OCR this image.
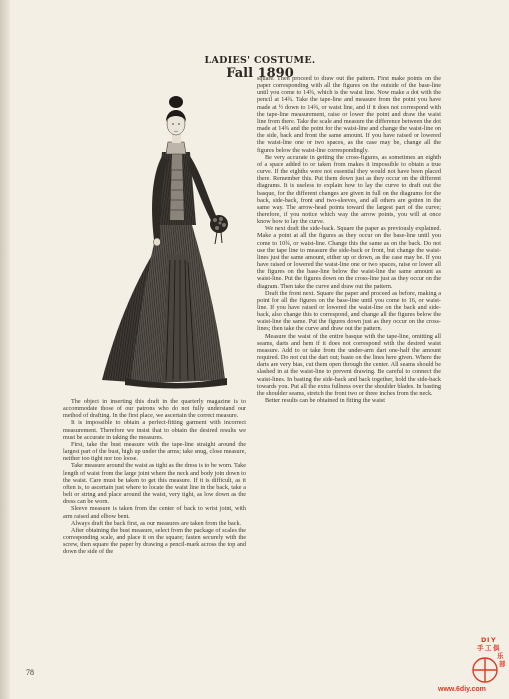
LADIES' COSTUME.
Fall 1890

The object in inserting this draft in the quarterly magazine is to accommodate those of our patrons who do not fully understand our method of drafting. In the first place, we ascertain the correct measure.

It is impossible to obtain a perfect-fitting garment with incorrect measurement. Therefore we insist that to obtain the desired results we must be accurate in taking the measures.

First, take the bust measure with the tape-line straight around the largest part of the bust, high up under the arms; take snug, close measure, neither too tight nor too loose.

Take measure around the waist as tight as the dress is to be worn. Take length of waist from the large joint where the neck and body join down to the waist. Care must be taken to get this measure. If it is difficult, as it often is, to ascertain just where to locate the waist line in the back, take a belt or string and place around the waist, very tight, as low down as the dress can be worn.

Sleeve measure is taken from the center of back to wrist joint, with arm raised and elbow bent.

Always draft the back first, as our measures are taken from the back.

After obtaining the bust measure, select from the package of scales the corresponding scale, and place it on the square; fasten securely with the screw, then square the paper by drawing a pencil-mark across the top and down the side of the

square. Then proceed to draw out the pattern. First make points on the paper corresponding with all the figures on the outside of the base-line until you come to 14¾, which is the waist line. Now make a dot with the pencil at 14¾. Take the tape-line and measure from the point you have made at ½ down to 14¾, or waist line, and if it does not correspond with the tape-line measurement, raise or lower the point and draw the waist line from there. Take the scale and measure the difference between the dot made at 14¾ and the point for the waist-line and change the waist-line on the side, back and front the same amount. If you have raised or lowered the waist-line one or two spaces, as the case may be, change all the figures below the waist-line correspondingly.

Be very accurate in getting the cross-figures, as sometimes an eighth of a space added to or taken from makes it impossible to obtain a true curve. If the eighths were not essential they would not have been placed there. Remember this. Put them down just as they occur on the different diagrams. It is useless to explain how to lay the curve to draft out the basque, for the different changes are given in full on the diagrams for the back, side-back, front and two-sleeves, and all others are gotten in the same way. The arrow-head points toward the largest part of the curve; therefore, if you notice which way the arrow points, you will at once know how to lay the curve.

We next draft the side-back. Square the paper as previously explained. Make a point at all the figures as they occur on the base-line until you come to 10¾, or waist-line. Change this the same as on the back. Do not use the tape line to measure the side-back or front, but change the waist-lines just the same amount, either up or down, as the case may be. If you have raised or lowered the waist-line one or two spaces, raise or lower all the figures on the base-line below the waist-line the same amount as waist-line. Put the figures down on the cross-line just as they occur on the diagram. Then take the curve and draw out the pattern.

Draft the front next. Square the paper and proceed as before, making a point for all the figures on the base-line until you come to 16, or waist-line. If you have raised or lowered the waist-line on the back and side-back, also change this to correspond, and change all the figures below the waist-line the same. Put the figures down just as they occur on the cross-lines; then take the curve and draw out the pattern.

Measure the waist of the entire basque with the tape-line, omitting all seams, darts and hem if it does not correspond with the desired waist measure. Add to or take from the under-arm dart one-half the amount required. Do not cut the dart out; baste on the lines here given. Where the darts are very bias, cut them open through the center. All seams should be slashed in at the waist-line to prevent drawing. Be careful to connect the waist-lines. In basting the side-back and back together, hold the side-back towards you. Put all the extra fullness over the shoulder blades. In basting the shoulder seams, stretch the front two or three inches from the neck.

Better results can be obtained in fitting the waist

78
D I Y
手 工 俱
乐
部
www.6diy.com
